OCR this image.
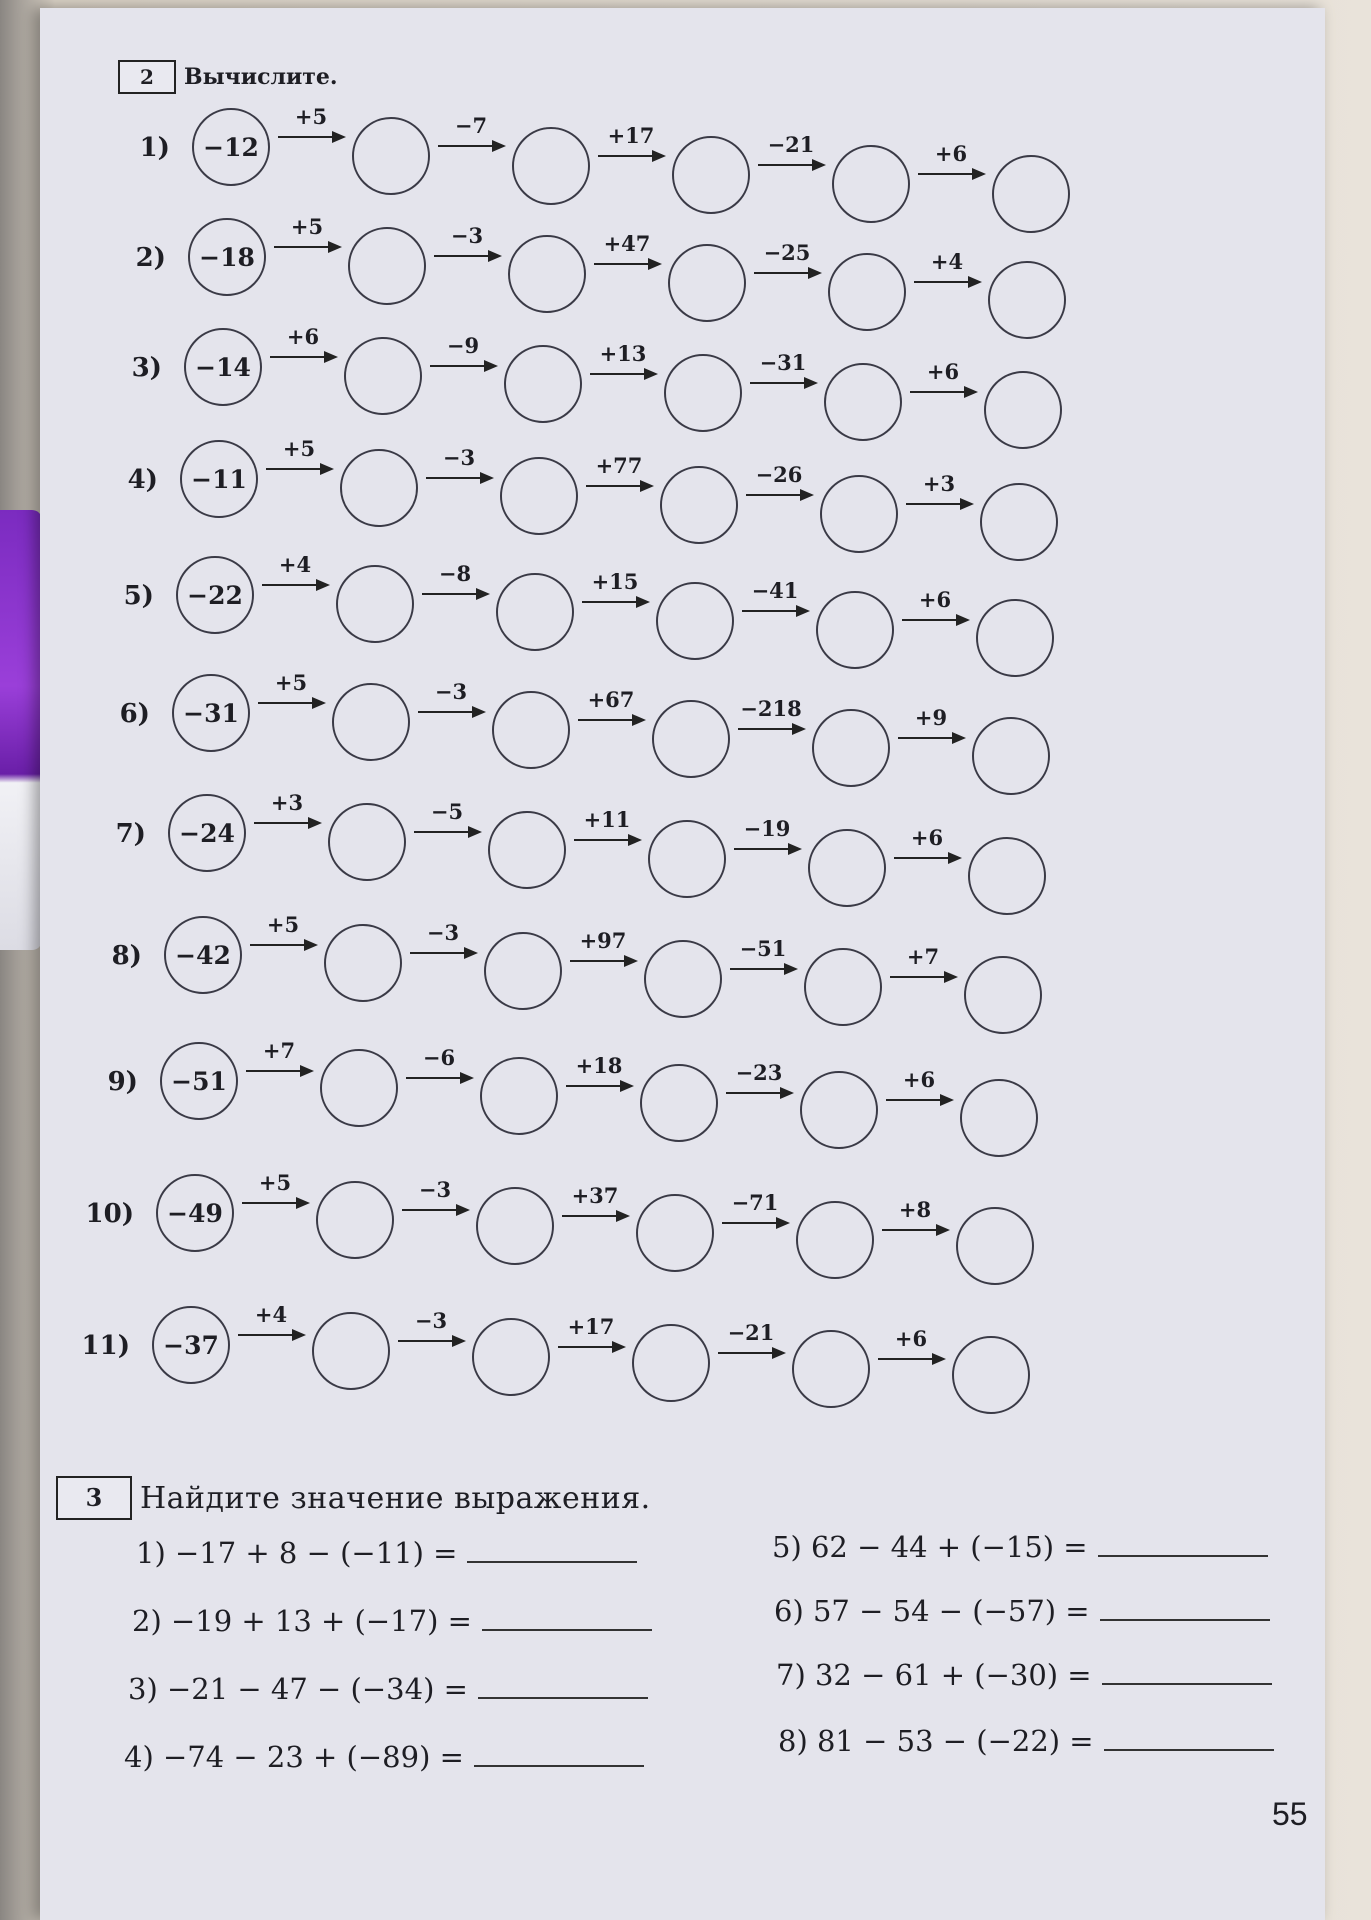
2	Вычислите.
1)	−12
+5	−7	+17	−21	+6
2)	−18
+5	−3	+47	−25	+4
3)	−14
+6	−9	+13	−31	+6
4)	−11
+5	−3	+77	−26	+3
5)	−22
+4	−8	+15	−41	+6
6)	−31
+5	−3	+67	−218	+9
7)	−24
+3	−5	+11	−19	+6
8)	−42
+5	−3	+97	−51	+7
9)	−51
+7	−6	+18	−23	+6
10)	−49
+5	−3	+37	−71	+8
11)	−37
+4	−3	+17	−21	+6
3	Найдите значение выражения.
1) −17 + 8 − (−11) =
2) −19 + 13 + (−17) =
3) −21 − 47 − (−34) =
4) −74 − 23 + (−89) =
5) 62 − 44 + (−15) =
6) 57 − 54 − (−57) =
7) 32 − 61 + (−30) =
8) 81 − 53 − (−22) =
55
